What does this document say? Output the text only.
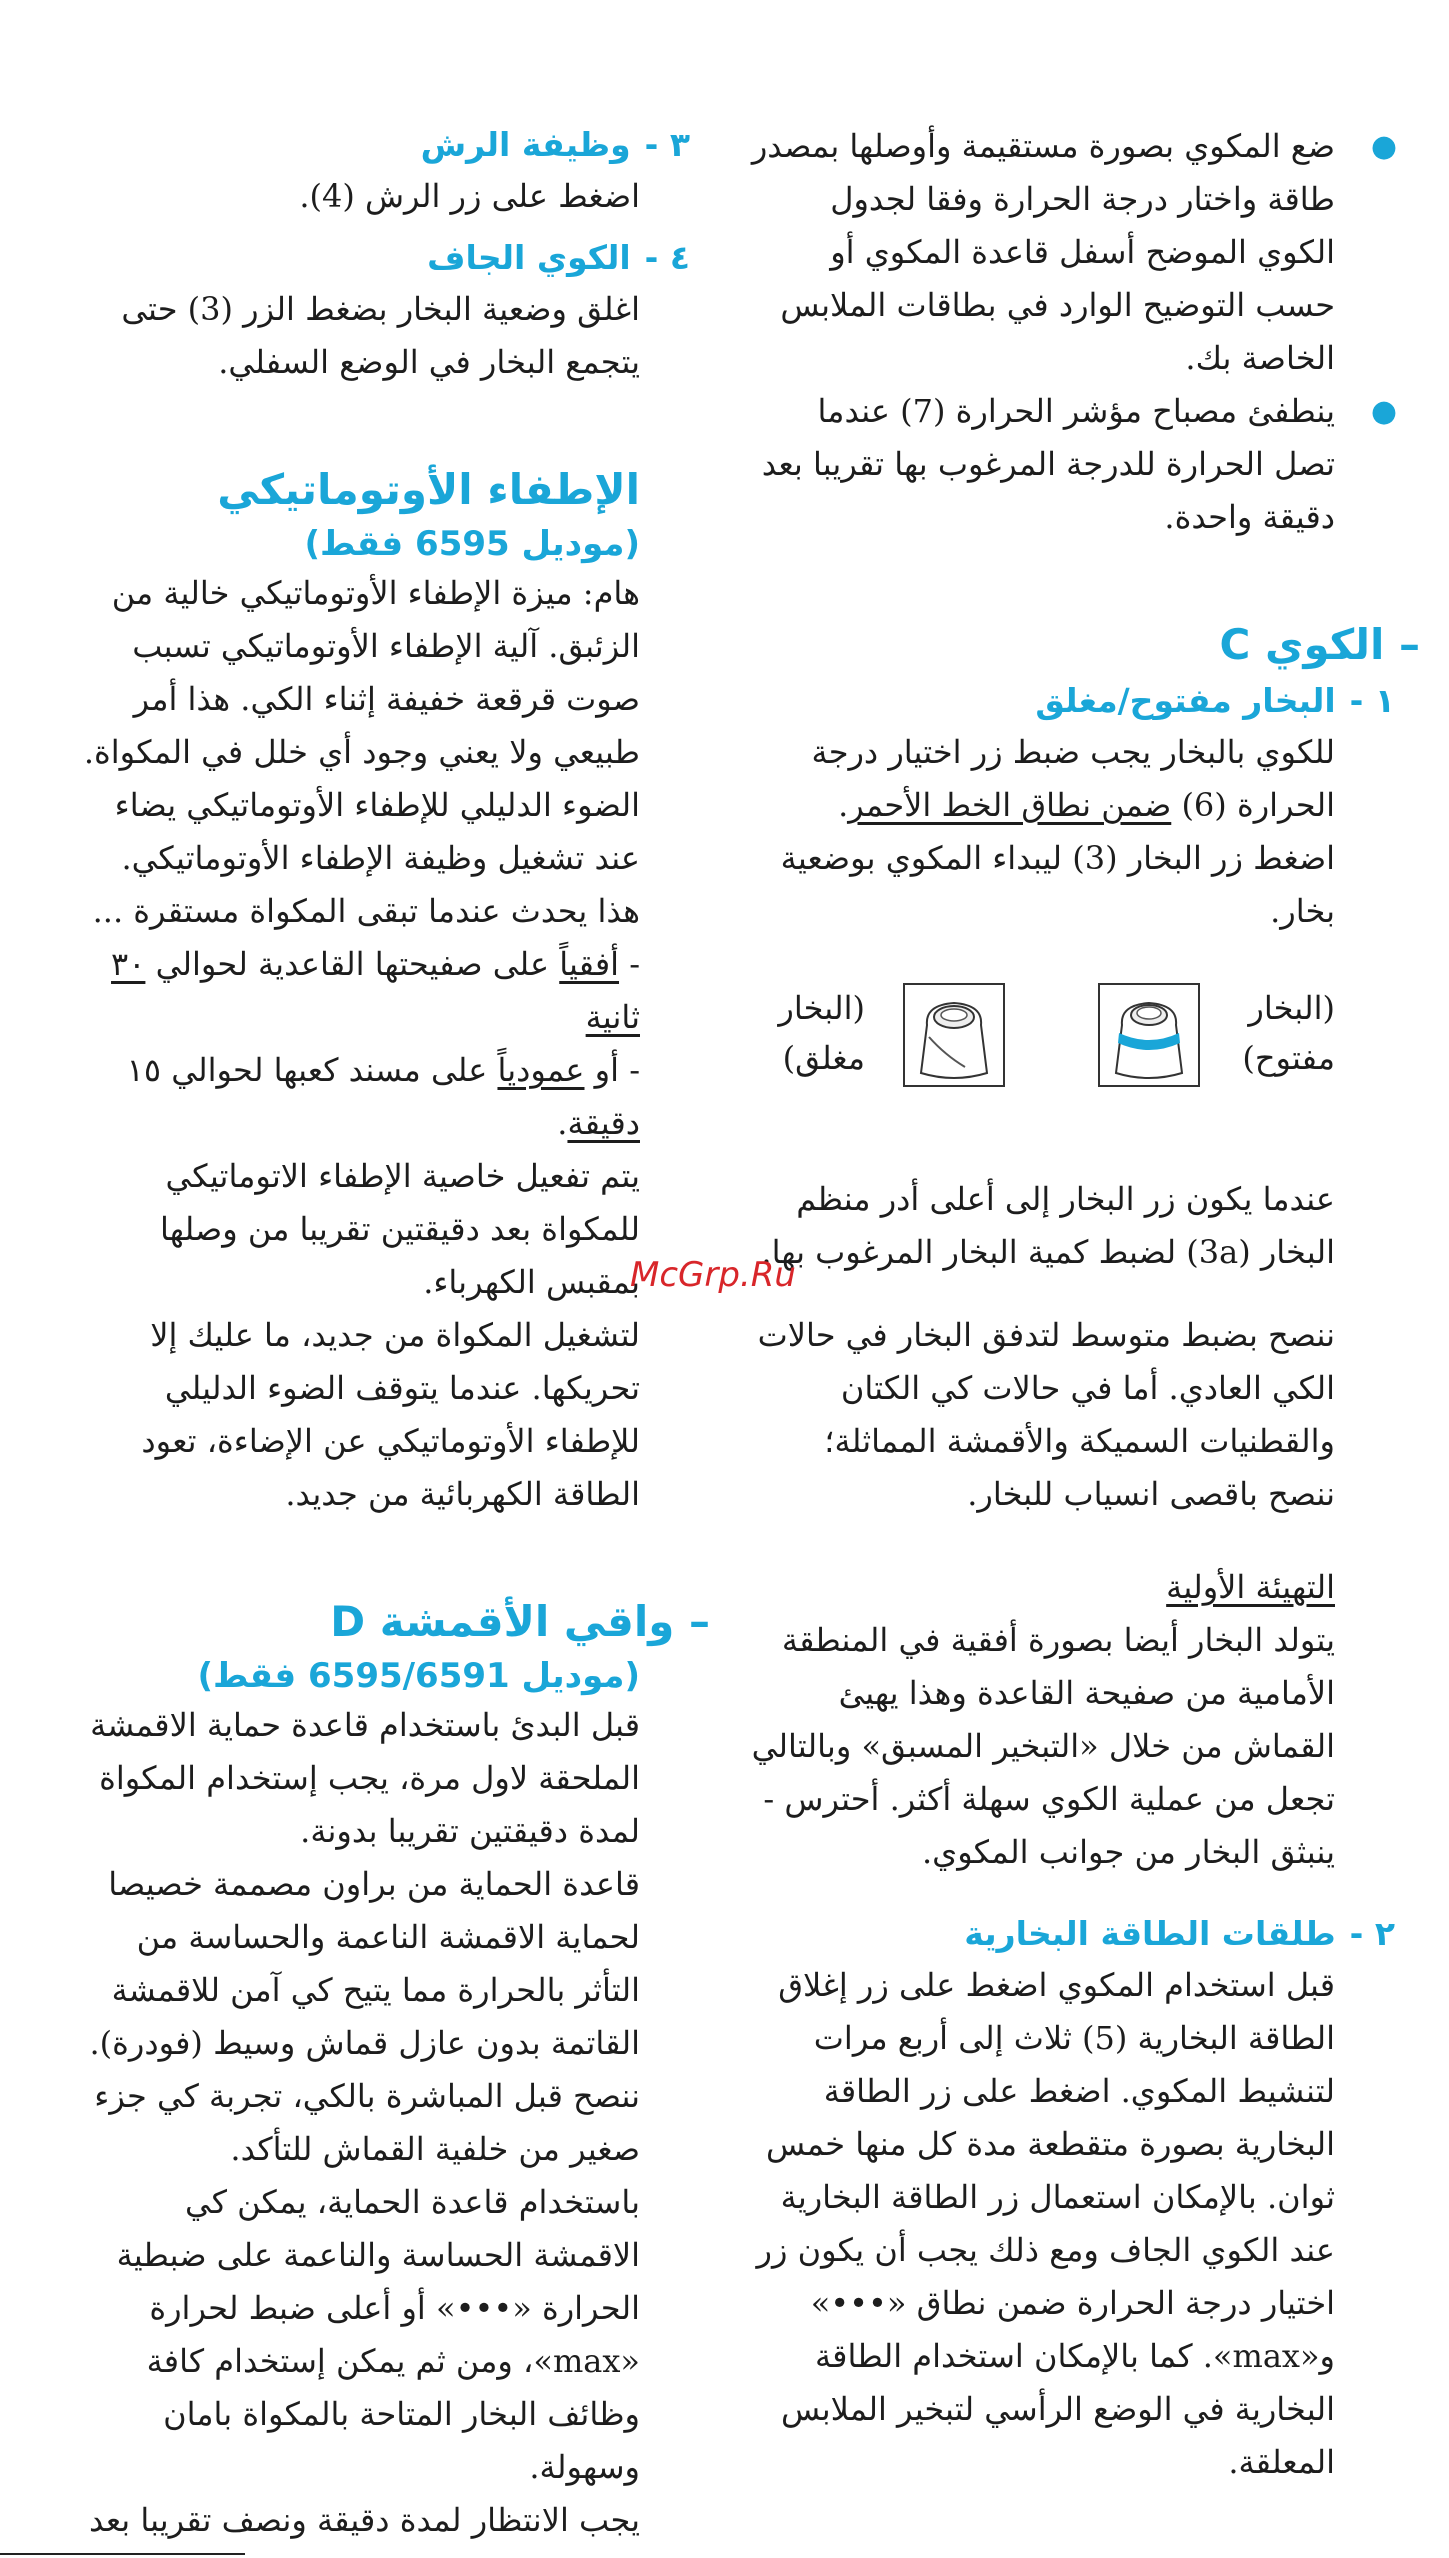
●

ضع المكوي بصورة مستقيمة وأوصلها بمصدر طاقة واختار درجة الحرارة وفقا لجدول الكوي الموضح أسفل قاعدة المكوي أو حسب التوضيح الوارد في بطاقات الملابس الخاصة بك.

●

ينطفئ مصباح مؤشر الحرارة (7) عندما تصل الحرارة للدرجة المرغوب بها تقريبا بعد دقيقة واحدة.

– الكوي C

١ -البخار مفتوح/مغلق

للكوي بالبخار يجب ضبط زر اختيار درجة الحرارة (6) ضمن نطاق الخط الأحمر. اضغط زر البخار (3) ليبداء المكوي بوضعية بخار.

(البخار مفتوح)
(البخار مغلق)

عندما يكون زر البخار إلى أعلى أدر منظم البخار (3a) لضبط كمية البخار المرغوب بها.

ننصح بضبط متوسط لتدفق البخار في حالات الكي العادي. أما في حالات كي الكتان والقطنيات السميكة والأقمشة المماثلة؛ ننصح باقصى انسياب للبخار.

التهيئة الأولية

يتولد البخار أيضا بصورة أفقية في المنطقة الأمامية من صفيحة القاعدة وهذا يهيئ القماش من خلال «التبخير المسبق» وبالتالي تجعل من عملية الكوي سهلة أكثر. أحترس - ينبثق البخار من جوانب المكوي.

٢ -طلقات الطاقة البخارية

قبل استخدام المكوي اضغط على زر إغلاق الطاقة البخارية (5) ثلاث إلى أربع مرات لتنشيط المكوي. اضغط على زر الطاقة البخارية بصورة متقطعة مدة كل منها خمس ثوان. بالإمكان استعمال زر الطاقة البخارية عند الكوي الجاف ومع ذلك يجب أن يكون زر اختيار درجة الحرارة ضمن نطاق «•••» و«max». كما بالإمكان استخدام الطاقة البخارية في الوضع الرأسي لتبخير الملابس المعلقة.

٣ -وظيفة الرش

اضغط على زر الرش (4).

٤ -الكوي الجاف

اغلق وضعية البخار بضغط الزر (3) حتى يتجمع البخار في الوضع السفلي.

الإطفاء الأوتوماتيكي

(موديل 6595 فقط)

هام: ميزة الإطفاء الأوتوماتيكي خالية من الزئبق. آلية الإطفاء الأوتوماتيكي تسبب صوت قرقعة خفيفة إثناء الكي. هذا أمر طبيعي ولا يعني وجود أي خلل في المكواة.

الضوء الدليلي للإطفاء الأوتوماتيكي يضاء عند تشغيل وظيفة الإطفاء الأوتوماتيكي.

هذا يحدث عندما تبقى المكواة مستقرة ...

- أفقياً على صفيحتها القاعدية لحوالي ٣٠ ثانية

- أو عمودياً على مسند كعبها لحوالي ١٥ دقيقة.

يتم تفعيل خاصية الإطفاء الاتوماتيكي للمكواة بعد دقيقتين تقريبا من وصلها بمقبس الكهرباء.

لتشغيل المكواة من جديد، ما عليك إلا تحريكها. عندما يتوقف الضوء الدليلي للإطفاء الأوتوماتيكي عن الإضاءة، تعود الطاقة الكهربائية من جديد.

– واقي الأقمشة D

(موديل 6595/6591 فقط)

قبل البدئ باستخدام قاعدة حماية الاقمشة الملحقة لاول مرة، يجب إستخدام المكواة لمدة دقيقتين تقريبا بدونة.

قاعدة الحماية من براون مصممة خصيصا لحماية الاقمشة الناعمة والحساسة من التأثر بالحرارة مما يتيح كي آمن للاقمشة القاتمة بدون عازل قماش وسيط (فودرة). ننصح قبل المباشرة بالكي، تجربة كي جزء صغير من خلفية القماش للتأكد.

باستخدام قاعدة الحماية، يمكن كي الاقمشة الحساسة والناعمة على ضبطية الحرارة «•••» أو أعلى ضبط لحرارة «max»، ومن ثم يمكن إستخدام كافة وظائف البخار المتاحة بالمكواة بامان وسهولة.

يجب الانتظار لمدة دقيقة ونصف تقريبا بعد

McGrp.Ru
